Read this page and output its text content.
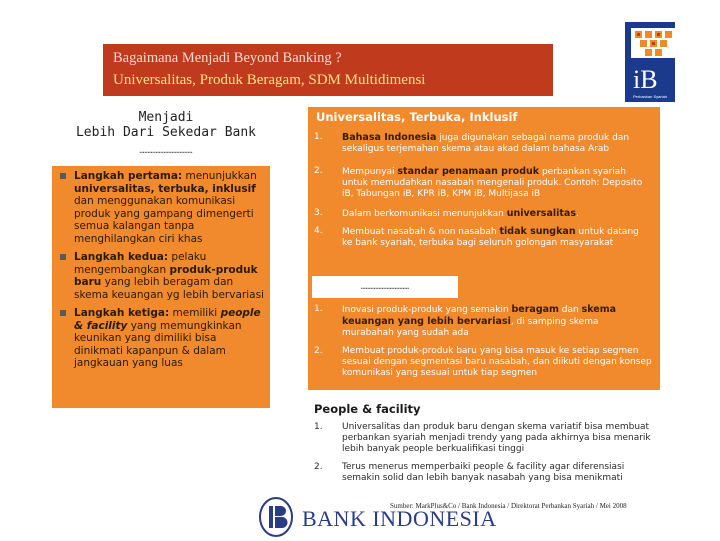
Bagaimana Menjadi Beyond Banking ?
Universalitas, Produk Beragam, SDM Multidimensi	iB
Perbankan Syariah
Menjadi
Lebih Dari Sekedar Bank
……………………………
Langkah pertama: menunjukkan universalitas, terbuka, inklusif dan menggunakan komunikasi produk yang gampang dimengerti semua kalangan tanpa menghilangkan ciri khas
Langkah kedua: pelaku mengembangkan produk-produk baru yang lebih beragam dan skema keuangan yg lebih bervariasi
Langkah ketiga: memiliki people & facility yang memungkinkan keunikan yang dimiliki bisa dinikmati kapanpun & dalam jangkauan yang luas
Universalitas, Terbuka, Inklusif
1. Bahasa Indonesia juga digunakan sebagai nama produk dan sekaligus terjemahan skema atau akad dalam bahasa Arab
2. Mempunyai standar penamaan produk perbankan syariah untuk memudahkan nasabah mengenali produk. Contoh: Deposito iB, Tabungan iB, KPR iB, KPM iB, Multijasa iB
3. Dalam berkomunikasi menunjukkan universalitas.
4. Membuat nasabah & non nasabah tidak sungkan untuk datang ke bank syariah, terbuka bagi seluruh golongan masyarakat
1. Inovasi produk-produk yang semakin beragam dan skema keuangan yang lebih bervariasi, di samping skema murabahah yang sudah ada
2. Membuat produk-produk baru yang bisa masuk ke setiap segmen sesuai dengan segmentasi baru nasabah, dan diikuti dengan konsep komunikasi yang sesuai untuk tiap segmen
…………………………
People & facility
1. Universalitas dan produk baru dengan skema variatif bisa membuat perbankan syariah menjadi trendy yang pada akhirnya bisa menarik lebih banyak people berkualifikasi tinggi
2. Terus menerus memperbaiki people & facility agar diferensiasi semakin solid dan lebih banyak nasabah yang bisa menikmati
Sumber: MarkPlus&Co / Bank Indonesia / Direktorat Perbankan Syariah / Mei 2008
BANK INDONESIA
